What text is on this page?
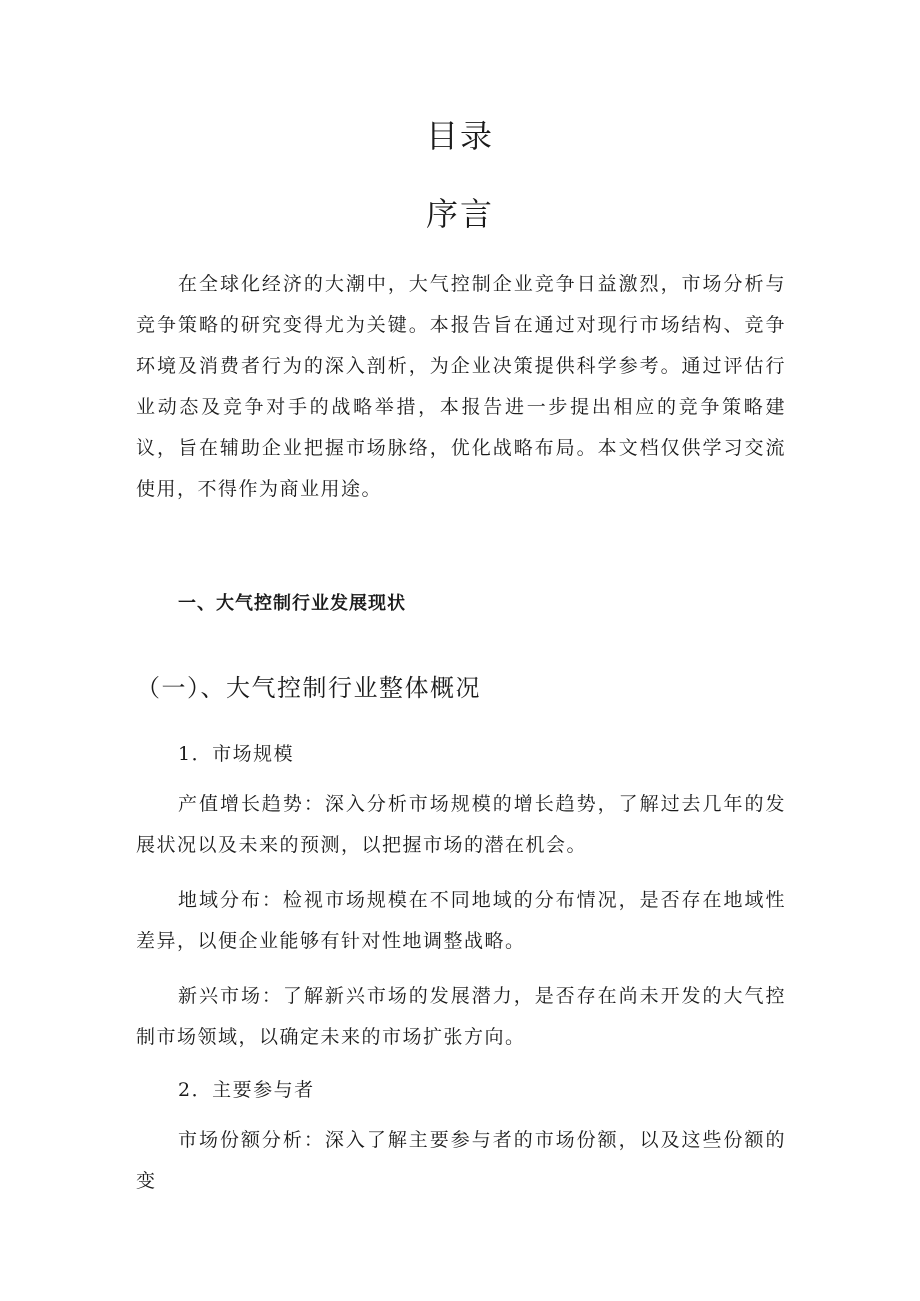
目录
序言

在全球化经济的大潮中，大气控制企业竞争日益激烈，市场分析与竞争策略的研究变得尤为关键。本报告旨在通过对现行市场结构、竞争环境及消费者行为的深入剖析，为企业决策提供科学参考。通过评估行业动态及竞争对手的战略举措，本报告进一步提出相应的竞争策略建议，旨在辅助企业把握市场脉络，优化战略布局。本文档仅供学习交流使用，不得作为商业用途。

一、大气控制行业发展现状
（一）、大气控制行业整体概况
1．市场规模

产值增长趋势：深入分析市场规模的增长趋势，了解过去几年的发展状况以及未来的预测，以把握市场的潜在机会。

地域分布：检视市场规模在不同地域的分布情况，是否存在地域性差异，以便企业能够有针对性地调整战略。

新兴市场：了解新兴市场的发展潜力，是否存在尚未开发的大气控制市场领域，以确定未来的市场扩张方向。

2．主要参与者

市场份额分析：深入了解主要参与者的市场份额，以及这些份额的变
